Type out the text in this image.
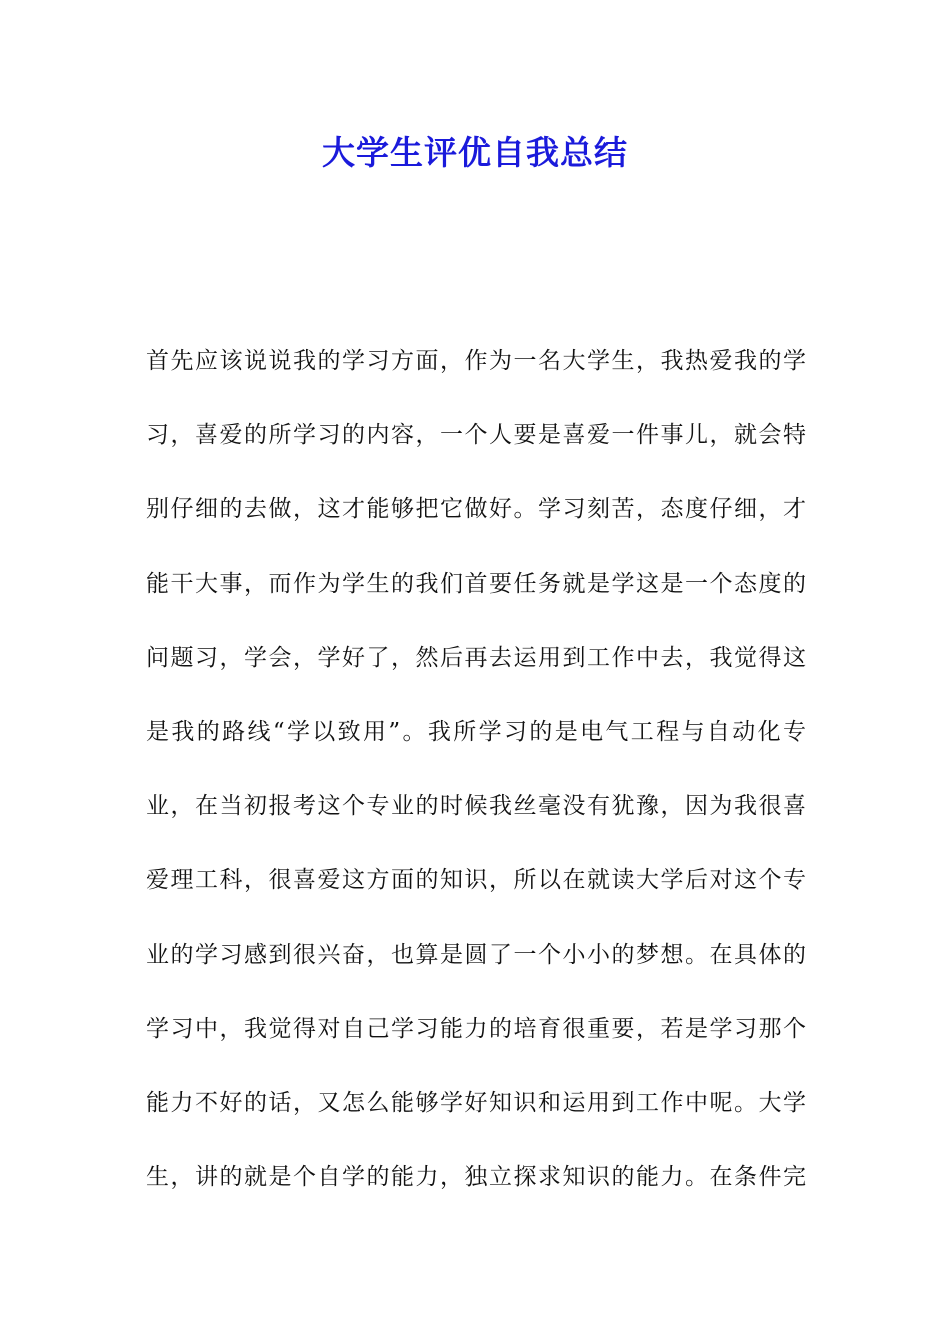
大学生评优自我总结
首先应该说说我的学习方面，作为一名大学生，我热爱我的学
习，喜爱的所学习的内容，一个人要是喜爱一件事儿，就会特
别仔细的去做，这才能够把它做好。学习刻苦，态度仔细，才
能干大事，而作为学生的我们首要任务就是学这是一个态度的
问题习，学会，学好了，然后再去运用到工作中去，我觉得这
是我的路线“学以致用”。我所学习的是电气工程与自动化专
业，在当初报考这个专业的时候我丝毫没有犹豫，因为我很喜
爱理工科，很喜爱这方面的知识，所以在就读大学后对这个专
业的学习感到很兴奋，也算是圆了一个小小的梦想。在具体的
学习中，我觉得对自己学习能力的培育很重要，若是学习那个
能力不好的话，又怎么能够学好知识和运用到工作中呢。大学
生，讲的就是个自学的能力，独立探求知识的能力。在条件完
